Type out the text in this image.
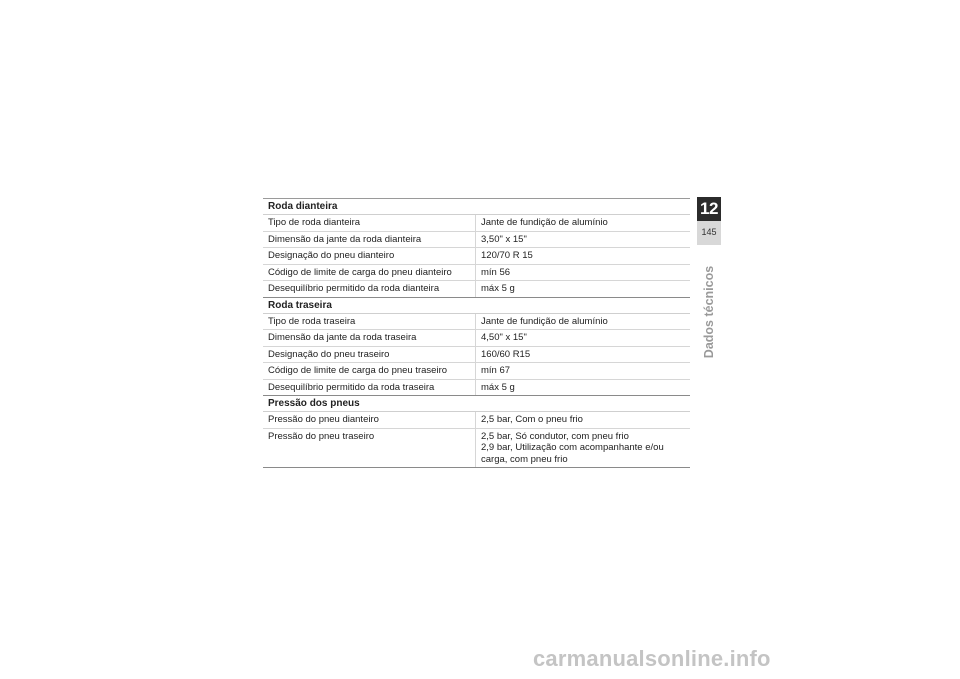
Roda dianteira
Tipo de roda dianteira	Jante de fundição de alumínio
Dimensão da jante da roda dianteira	3,50" x 15"
Designação do pneu dianteiro	120/70 R 15
Código de limite de carga do pneu dianteiro	mín 56
Desequilíbrio permitido da roda dianteira	máx 5 g
Roda traseira
Tipo de roda traseira	Jante de fundição de alumínio
Dimensão da jante da roda traseira	4,50" x 15"
Designação do pneu traseiro	160/60 R15
Código de limite de carga do pneu traseiro	mín 67
Desequilíbrio permitido da roda traseira	máx 5 g
Pressão dos pneus
Pressão do pneu dianteiro	2,5 bar, Com o pneu frio
Pressão do pneu traseiro	2,5 bar, Só condutor, com pneu frio
2,9 bar, Utilização com acompanhante e/ou carga, com pneu frio
12
145
Dados técnicos
carmanualsonline.info
